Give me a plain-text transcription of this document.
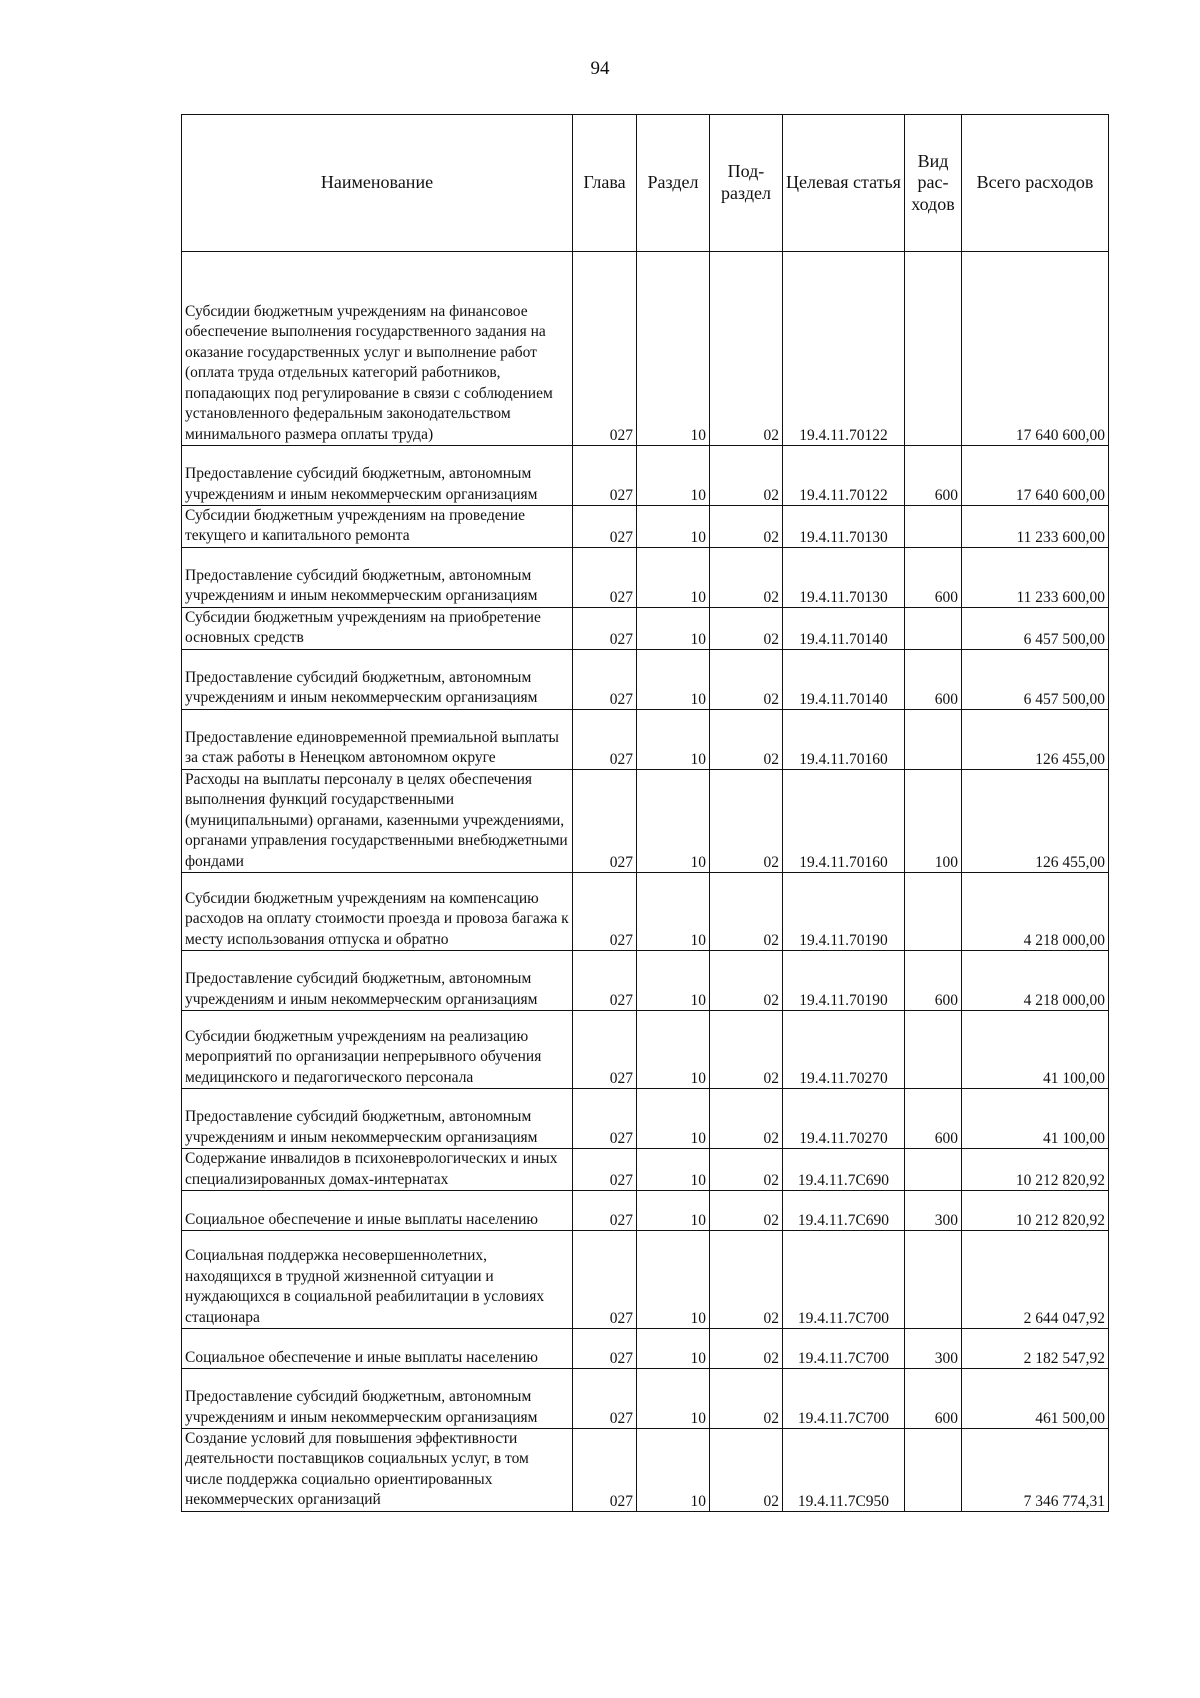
94
Наименование	Глава	Раздел	Под-раздел	Целевая статья	Вид рас-ходов	Всего расходов
Субсидии бюджетным учреждениям на финансовое обеспечение выполнения государственного задания на оказание государственных услуг и выполнение работ (оплата труда отдельных категорий работников, попадающих под регулирование в связи с соблюдением установленного федеральным законодательством минимального размера оплаты труда)	027	10	02	19.4.11.70122		17 640 600,00
Предоставление субсидий бюджетным, автономным учреждениям и иным некоммерческим организациям	027	10	02	19.4.11.70122	600	17 640 600,00
Субсидии бюджетным учреждениям на проведение текущего и капитального ремонта	027	10	02	19.4.11.70130		11 233 600,00
Предоставление субсидий бюджетным, автономным учреждениям и иным некоммерческим организациям	027	10	02	19.4.11.70130	600	11 233 600,00
Субсидии бюджетным учреждениям на приобретение основных средств	027	10	02	19.4.11.70140		6 457 500,00
Предоставление субсидий бюджетным, автономным учреждениям и иным некоммерческим организациям	027	10	02	19.4.11.70140	600	6 457 500,00
Предоставление единовременной премиальной выплаты за стаж работы в Ненецком автономном округе	027	10	02	19.4.11.70160		126 455,00
Расходы на выплаты персоналу в целях обеспечения выполнения функций государственными (муниципальными) органами, казенными учреждениями, органами управления государственными внебюджетными фондами	027	10	02	19.4.11.70160	100	126 455,00
Субсидии бюджетным учреждениям на компенсацию расходов на оплату стоимости проезда и провоза багажа к месту использования отпуска и обратно	027	10	02	19.4.11.70190		4 218 000,00
Предоставление субсидий бюджетным, автономным учреждениям и иным некоммерческим организациям	027	10	02	19.4.11.70190	600	4 218 000,00
Субсидии бюджетным учреждениям на реализацию мероприятий по организации непрерывного обучения медицинского и педагогического персонала	027	10	02	19.4.11.70270		41 100,00
Предоставление субсидий бюджетным, автономным учреждениям и иным некоммерческим организациям	027	10	02	19.4.11.70270	600	41 100,00
Содержание инвалидов в психоневрологических и иных специализированных домах-интернатах	027	10	02	19.4.11.7С690		10 212 820,92
Социальное обеспечение и иные выплаты населению	027	10	02	19.4.11.7С690	300	10 212 820,92
Социальная поддержка несовершеннолетних, находящихся в трудной жизненной ситуации и нуждающихся в социальной реабилитации в условиях стационара	027	10	02	19.4.11.7С700		2 644 047,92
Социальное обеспечение и иные выплаты населению	027	10	02	19.4.11.7С700	300	2 182 547,92
Предоставление субсидий бюджетным, автономным учреждениям и иным некоммерческим организациям	027	10	02	19.4.11.7С700	600	461 500,00
Создание условий для повышения эффективности деятельности поставщиков социальных услуг, в том числе поддержка социально ориентированных некоммерческих организаций	027	10	02	19.4.11.7С950		7 346 774,31
